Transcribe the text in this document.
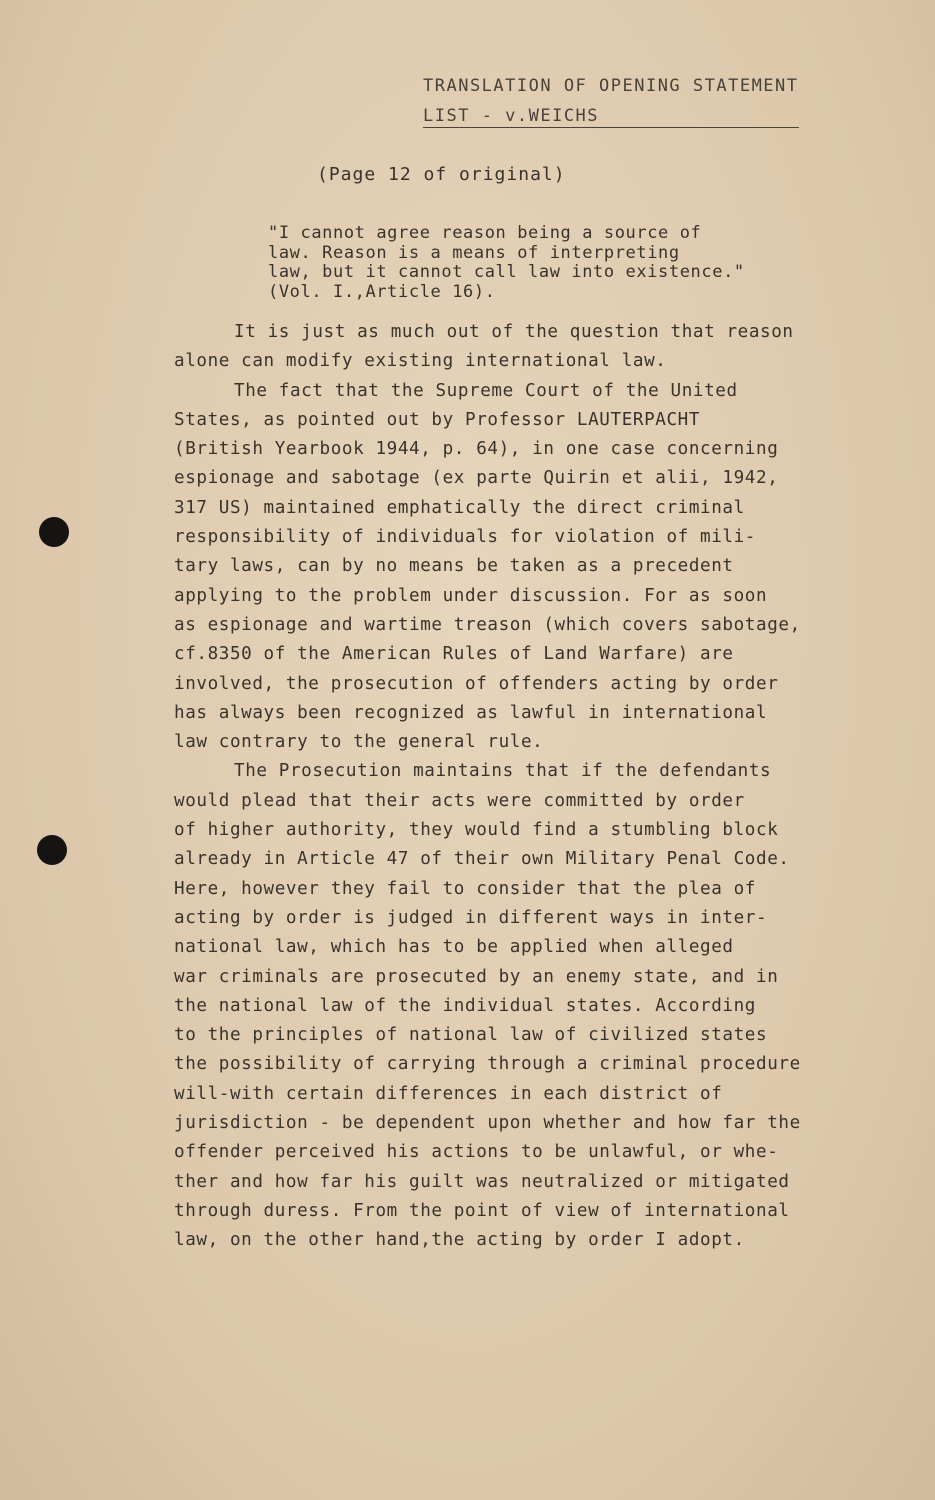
TRANSLATION OF OPENING STATEMENT
LIST - v.WEICHS
(Page 12 of original)
"I cannot agree reason being a source of
law. Reason is a means of interpreting
law, but it cannot call law into existence."
(Vol. I.,Article 16).
It is just as much out of the question that reason
alone can modify existing international law.
The fact that the Supreme Court of the United
States, as pointed out by Professor LAUTERPACHT
(British Yearbook 1944, p. 64), in one case concerning
espionage and sabotage (ex parte Quirin et alii, 1942,
317 US) maintained emphatically the direct criminal
responsibility of individuals for violation of mili-
tary laws, can by no means be taken as a precedent
applying to the problem under discussion. For as soon
as espionage and wartime treason (which covers sabotage,
cf.8350 of the American Rules of Land Warfare) are
involved, the prosecution of offenders acting by order
has always been recognized as lawful in international
law contrary to the general rule.
The Prosecution maintains that if the defendants
would plead that their acts were committed by order
of higher authority, they would find a stumbling block
already in Article 47 of their own Military Penal Code.
Here, however they fail to consider that the plea of
acting by order is judged in different ways in inter-
national law, which has to be applied when alleged
war criminals are prosecuted by an enemy state, and in
the national law of the individual states. According
to the principles of national law of civilized states
the possibility of carrying through a criminal procedure
will-with certain differences in each district of
jurisdiction - be dependent upon whether and how far the
offender perceived his actions to be unlawful, or whe-
ther and how far his guilt was neutralized or mitigated
through duress. From the point of view of international
law, on the other hand,the acting by order I adopt.
